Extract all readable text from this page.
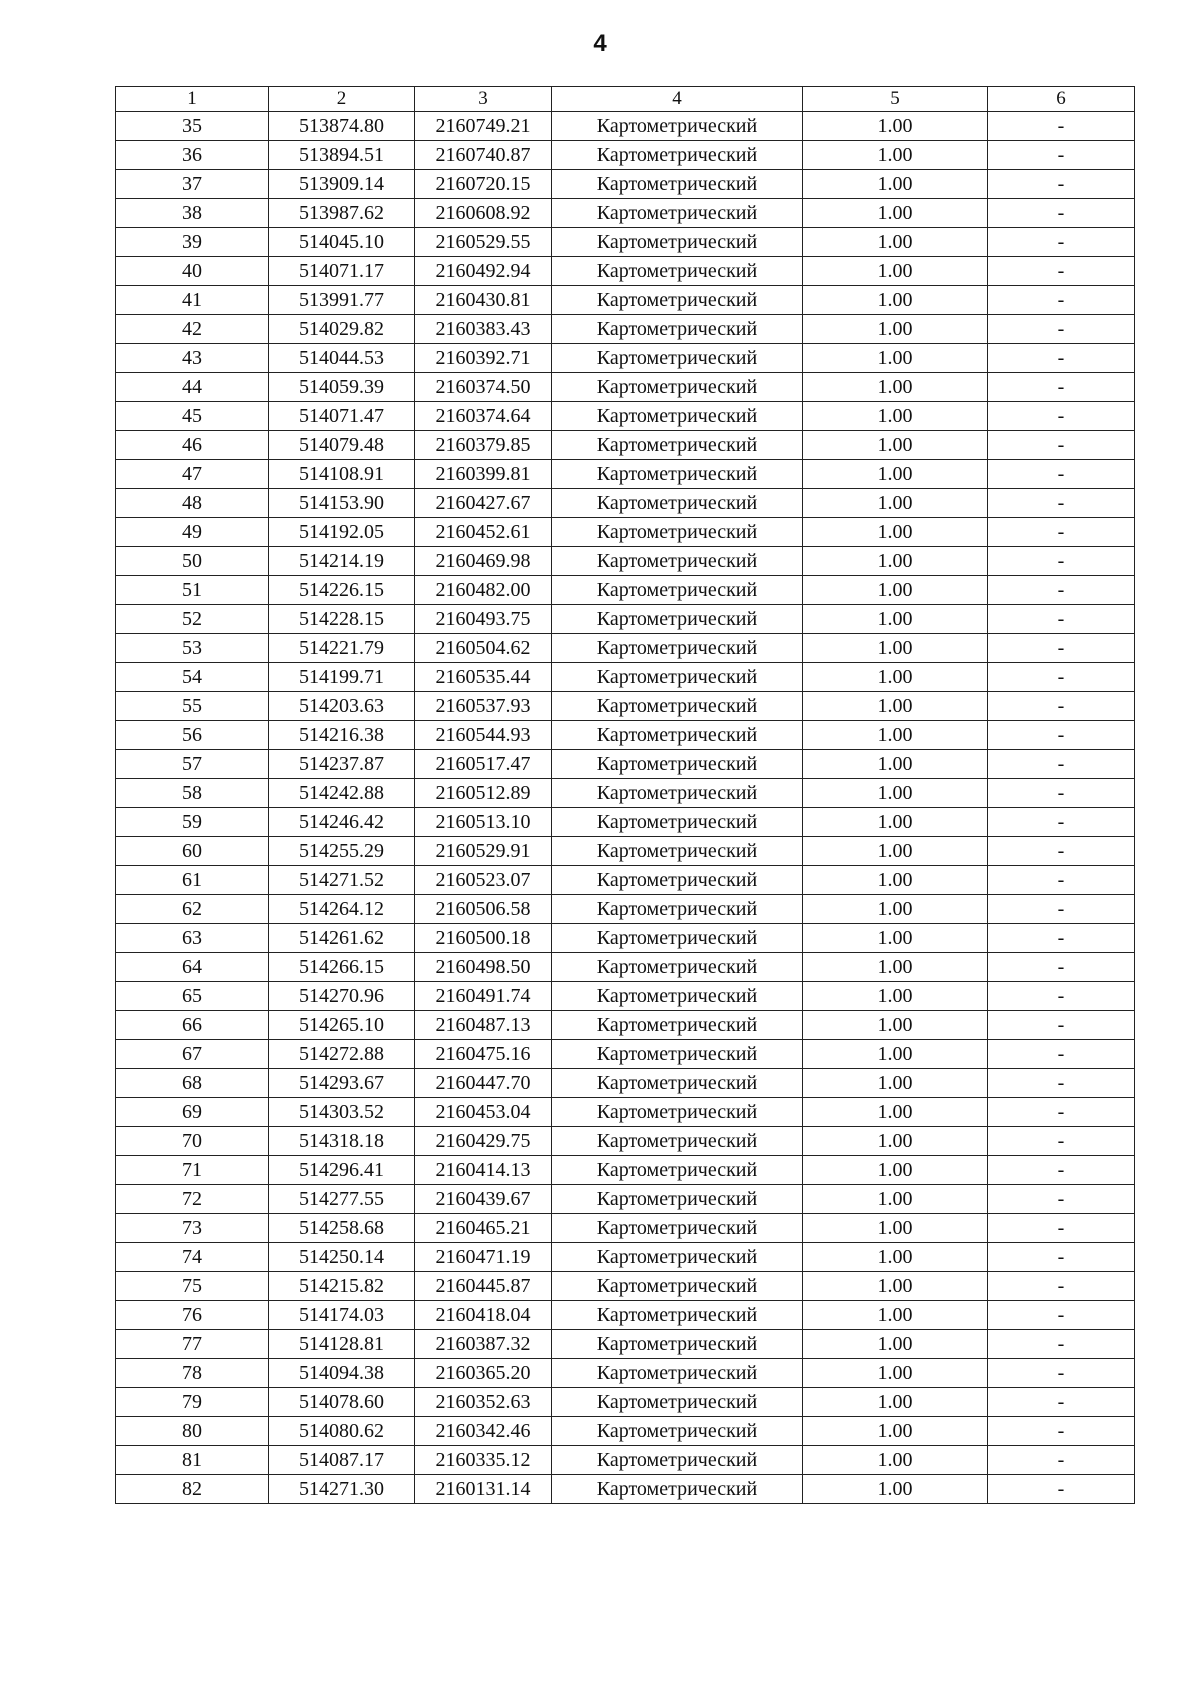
4
1	2	3	4	5	6
35	513874.80	2160749.21	Картометрический	1.00	-
36	513894.51	2160740.87	Картометрический	1.00	-
37	513909.14	2160720.15	Картометрический	1.00	-
38	513987.62	2160608.92	Картометрический	1.00	-
39	514045.10	2160529.55	Картометрический	1.00	-
40	514071.17	2160492.94	Картометрический	1.00	-
41	513991.77	2160430.81	Картометрический	1.00	-
42	514029.82	2160383.43	Картометрический	1.00	-
43	514044.53	2160392.71	Картометрический	1.00	-
44	514059.39	2160374.50	Картометрический	1.00	-
45	514071.47	2160374.64	Картометрический	1.00	-
46	514079.48	2160379.85	Картометрический	1.00	-
47	514108.91	2160399.81	Картометрический	1.00	-
48	514153.90	2160427.67	Картометрический	1.00	-
49	514192.05	2160452.61	Картометрический	1.00	-
50	514214.19	2160469.98	Картометрический	1.00	-
51	514226.15	2160482.00	Картометрический	1.00	-
52	514228.15	2160493.75	Картометрический	1.00	-
53	514221.79	2160504.62	Картометрический	1.00	-
54	514199.71	2160535.44	Картометрический	1.00	-
55	514203.63	2160537.93	Картометрический	1.00	-
56	514216.38	2160544.93	Картометрический	1.00	-
57	514237.87	2160517.47	Картометрический	1.00	-
58	514242.88	2160512.89	Картометрический	1.00	-
59	514246.42	2160513.10	Картометрический	1.00	-
60	514255.29	2160529.91	Картометрический	1.00	-
61	514271.52	2160523.07	Картометрический	1.00	-
62	514264.12	2160506.58	Картометрический	1.00	-
63	514261.62	2160500.18	Картометрический	1.00	-
64	514266.15	2160498.50	Картометрический	1.00	-
65	514270.96	2160491.74	Картометрический	1.00	-
66	514265.10	2160487.13	Картометрический	1.00	-
67	514272.88	2160475.16	Картометрический	1.00	-
68	514293.67	2160447.70	Картометрический	1.00	-
69	514303.52	2160453.04	Картометрический	1.00	-
70	514318.18	2160429.75	Картометрический	1.00	-
71	514296.41	2160414.13	Картометрический	1.00	-
72	514277.55	2160439.67	Картометрический	1.00	-
73	514258.68	2160465.21	Картометрический	1.00	-
74	514250.14	2160471.19	Картометрический	1.00	-
75	514215.82	2160445.87	Картометрический	1.00	-
76	514174.03	2160418.04	Картометрический	1.00	-
77	514128.81	2160387.32	Картометрический	1.00	-
78	514094.38	2160365.20	Картометрический	1.00	-
79	514078.60	2160352.63	Картометрический	1.00	-
80	514080.62	2160342.46	Картометрический	1.00	-
81	514087.17	2160335.12	Картометрический	1.00	-
82	514271.30	2160131.14	Картометрический	1.00	-
